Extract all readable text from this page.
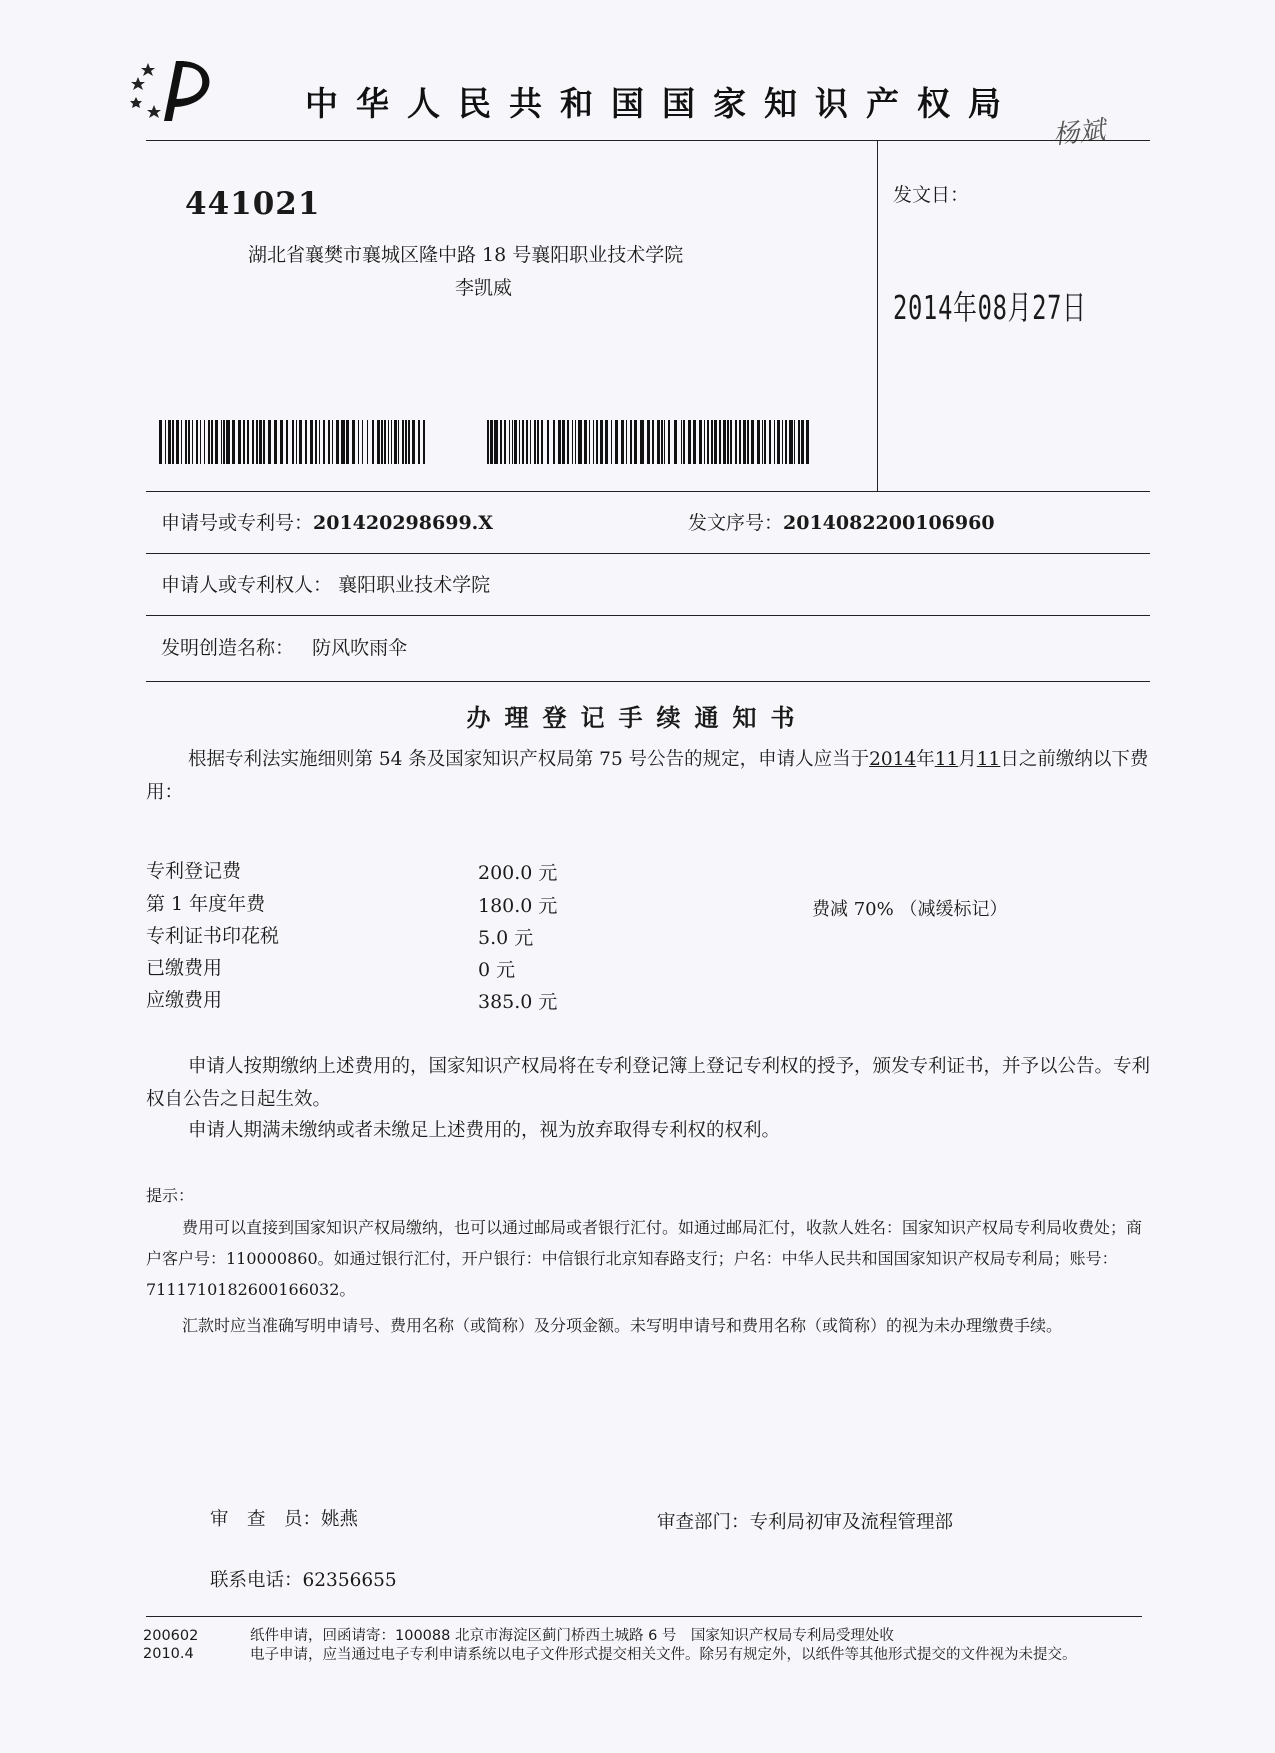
中华人民共和国国家知识产权局
杨斌
441021
湖北省襄樊市襄城区隆中路 18 号襄阳职业技术学院
李凯威
发文日：
2014年08月27日
申请号或专利号：201420298699.X	发文序号：2014082200106960
申请人或专利权人： 襄阳职业技术学院
发明创造名称： 防风吹雨伞
办理登记手续通知书
根据专利法实施细则第 54 条及国家知识产权局第 75 号公告的规定，申请人应当于2014年11月11日之前缴纳以下费用：
专利登记费	200.0 元
第 1 年度年费	180.0 元
专利证书印花税	5.0 元
已缴费用	0 元
应缴费用	385.0 元
费减 70% （减缓标记）
申请人按期缴纳上述费用的，国家知识产权局将在专利登记簿上登记专利权的授予，颁发专利证书，并予以公告。专利权自公告之日起生效。
申请人期满未缴纳或者未缴足上述费用的，视为放弃取得专利权的权利。
提示：
费用可以直接到国家知识产权局缴纳，也可以通过邮局或者银行汇付。如通过邮局汇付，收款人姓名：国家知识产权局专利局收费处；商户客户号：110000860。如通过银行汇付，开户银行：中信银行北京知春路支行；户名：中华人民共和国国家知识产权局专利局；账号：7111710182600166032。
汇款时应当准确写明申请号、费用名称（或简称）及分项金额。未写明申请号和费用名称（或简称）的视为未办理缴费手续。
审　查　员：姚燕	审查部门：专利局初审及流程管理部
联系电话：62356655
200602
2010.4
纸件申请，回函请寄：100088 北京市海淀区蓟门桥西土城路 6 号　国家知识产权局专利局受理处收
电子申请，应当通过电子专利申请系统以电子文件形式提交相关文件。除另有规定外，以纸件等其他形式提交的文件视为未提交。
